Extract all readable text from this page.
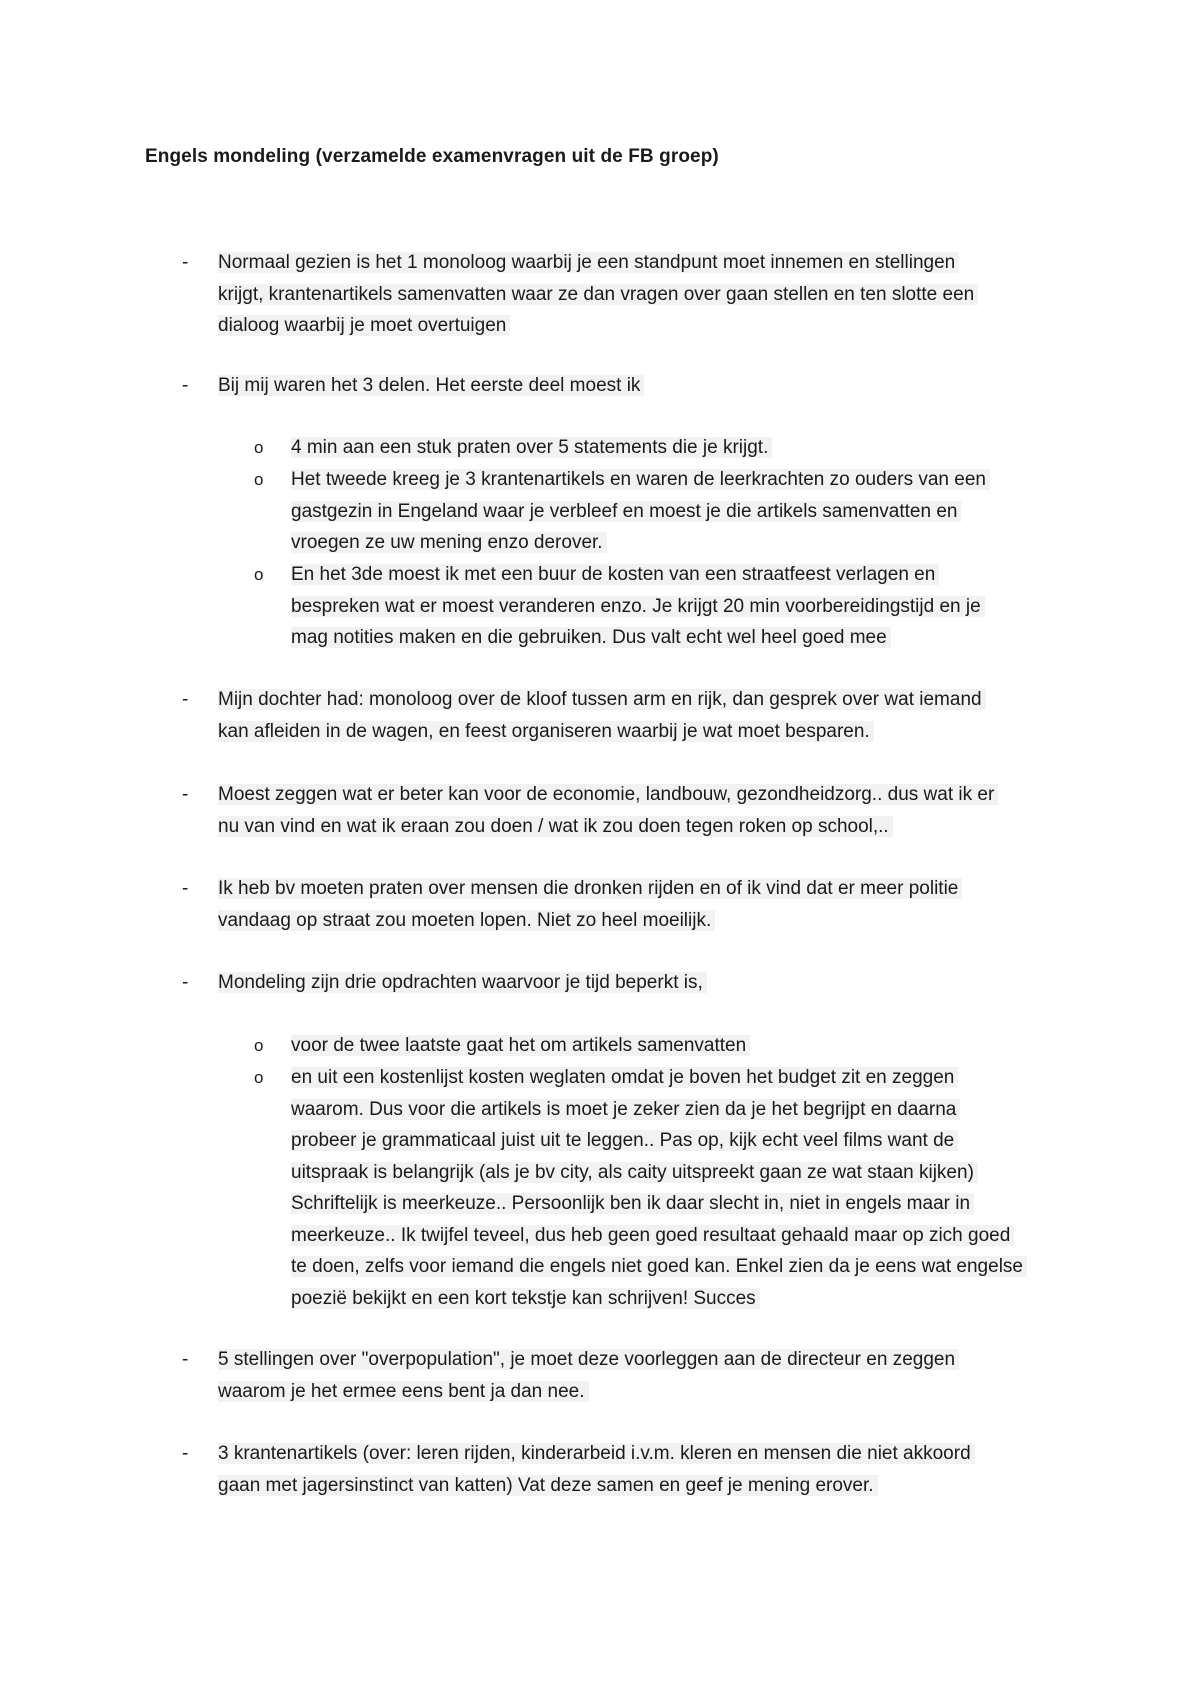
Engels mondeling (verzamelde examenvragen uit de FB groep)
-	Normaal gezien is het 1 monoloog waarbij je een standpunt moet innemen en stellingen
krijgt, krantenartikels samenvatten waar ze dan vragen over gaan stellen en ten slotte een
dialoog waarbij je moet overtuigen
-	Bij mij waren het 3 delen. Het eerste deel moest ik
o 4 min aan een stuk praten over 5 statements die je krijgt.
o Het tweede kreeg je 3 krantenartikels en waren de leerkrachten zo ouders van een
gastgezin in Engeland waar je verbleef en moest je die artikels samenvatten en
vroegen ze uw mening enzo derover.
o En het 3de moest ik met een buur de kosten van een straatfeest verlagen en
bespreken wat er moest veranderen enzo. Je krijgt 20 min voorbereidingstijd en je
mag notities maken en die gebruiken. Dus valt echt wel heel goed mee
-	Mijn dochter had: monoloog over de kloof tussen arm en rijk, dan gesprek over wat iemand
kan afleiden in de wagen, en feest organiseren waarbij je wat moet besparen.
-	Moest zeggen wat er beter kan voor de economie, landbouw, gezondheidzorg.. dus wat ik er
nu van vind en wat ik eraan zou doen / wat ik zou doen tegen roken op school,..
-	Ik heb bv moeten praten over mensen die dronken rijden en of ik vind dat er meer politie
vandaag op straat zou moeten lopen. Niet zo heel moeilijk.
-	Mondeling zijn drie opdrachten waarvoor je tijd beperkt is,
o voor de twee laatste gaat het om artikels samenvatten
o en uit een kostenlijst kosten weglaten omdat je boven het budget zit en zeggen
waarom. Dus voor die artikels is moet je zeker zien da je het begrijpt en daarna
probeer je grammaticaal juist uit te leggen.. Pas op, kijk echt veel films want de
uitspraak is belangrijk (als je bv city, als caity uitspreekt gaan ze wat staan kijken)
Schriftelijk is meerkeuze.. Persoonlijk ben ik daar slecht in, niet in engels maar in
meerkeuze.. Ik twijfel teveel, dus heb geen goed resultaat gehaald maar op zich goed
te doen, zelfs voor iemand die engels niet goed kan. Enkel zien da je eens wat engelse
poezië bekijkt en een kort tekstje kan schrijven! Succes
-	5 stellingen over "overpopulation", je moet deze voorleggen aan de directeur en zeggen
waarom je het ermee eens bent ja dan nee.
-	3 krantenartikels (over: leren rijden, kinderarbeid i.v.m. kleren en mensen die niet akkoord
gaan met jagersinstinct van katten) Vat deze samen en geef je mening erover.
